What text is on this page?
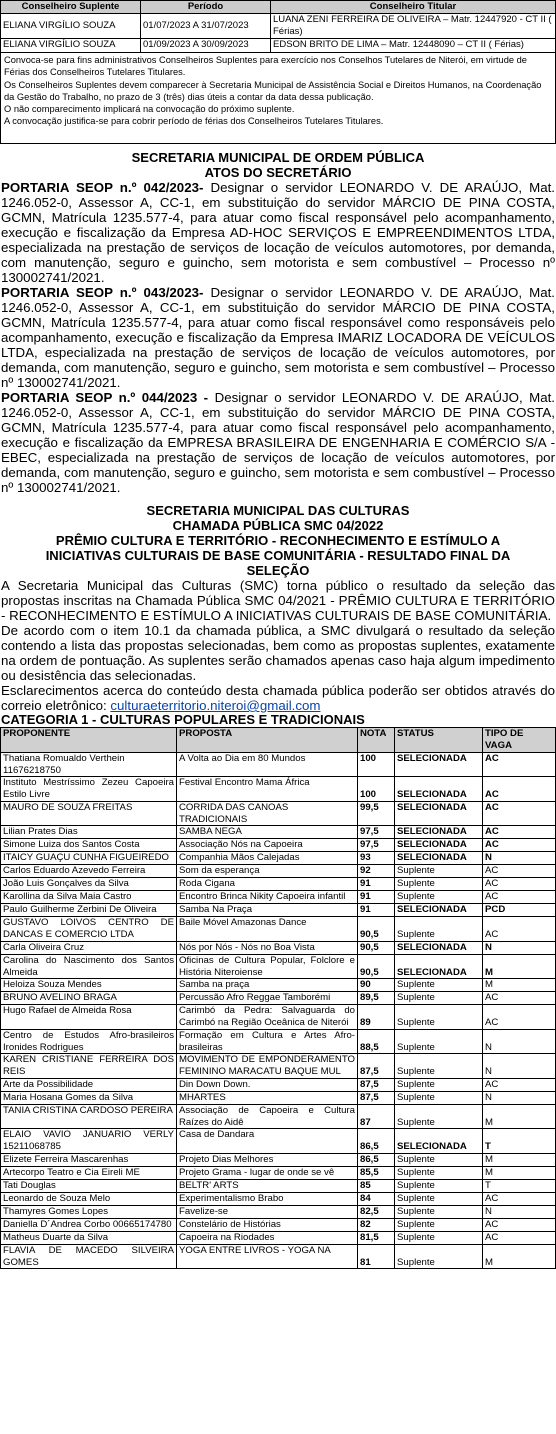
Conselheiro Suplente	Período	Conselheiro Titular
ELIANA VIRGÍLIO SOUZA	01/07/2023 A 31/07/2023	LUANA ZENI FERREIRA DE OLIVEIRA – Matr. 12447920 - CT II ( Férias)
ELIANA VIRGÍLIO SOUZA	01/09/2023 A 30/09/2023	EDSON BRITO DE LIMA – Matr. 12448090 – CT II ( Férias)
Convoca-se para fins administrativos Conselheiros Suplentes para exercício nos Conselhos Tutelares de Niterói, em virtude de Férias dos Conselheiros Tutelares Titulares.
Os Conselheiros Suplentes devem comparecer à Secretaria Municipal de Assistência Social e Direitos Humanos, na Coordenação da Gestão do Trabalho, no prazo de 3 (três) dias úteis a contar da data dessa publicação.
O não comparecimento implicará na convocação do próximo suplente.
A convocação justifica-se para cobrir período de férias dos Conselheiros Tutelares Titulares.
SECRETARIA MUNICIPAL DE ORDEM PÚBLICA
ATOS DO SECRETÁRIO
PORTARIA SEOP n.º 042/2023- Designar o servidor LEONARDO V. DE ARAÚJO, Mat. 1246.052-0, Assessor A, CC-1, em substituição do servidor MÁRCIO DE PINA COSTA, GCMN, Matrícula 1235.577-4, para atuar como fiscal responsável pelo acompanhamento, execução e fiscalização da Empresa AD-HOC SERVIÇOS E EMPREENDIMENTOS LTDA, especializada na prestação de serviços de locação de veículos automotores, por demanda, com manutenção, seguro e guincho, sem motorista e sem combustível – Processo nº 130002741/2021.
PORTARIA SEOP n.º 043/2023- Designar o servidor LEONARDO V. DE ARAÚJO, Mat. 1246.052-0, Assessor A, CC-1, em substituição do servidor MÁRCIO DE PINA COSTA, GCMN, Matrícula 1235.577-4, para atuar como fiscal responsável como responsáveis pelo acompanhamento, execução e fiscalização da Empresa IMARIZ LOCADORA DE VEÍCULOS LTDA, especializada na prestação de serviços de locação de veículos automotores, por demanda, com manutenção, seguro e guincho, sem motorista e sem combustível – Processo nº 130002741/2021.
PORTARIA SEOP n.º 044/2023 - Designar o servidor LEONARDO V. DE ARAÚJO, Mat. 1246.052-0, Assessor A, CC-1, em substituição do servidor MÁRCIO DE PINA COSTA, GCMN, Matrícula 1235.577-4, para atuar como fiscal responsável pelo acompanhamento, execução e fiscalização da EMPRESA BRASILEIRA DE ENGENHARIA E COMÉRCIO S/A - EBEC, especializada na prestação de serviços de locação de veículos automotores, por demanda, com manutenção, seguro e guincho, sem motorista e sem combustível – Processo nº 130002741/2021.
SECRETARIA MUNICIPAL DAS CULTURAS
CHAMADA PÚBLICA SMC 04/2022
PRÊMIO CULTURA E TERRITÓRIO - RECONHECIMENTO E ESTÍMULO A INICIATIVAS CULTURAIS DE BASE COMUNITÁRIA - RESULTADO FINAL DA SELEÇÃO
A Secretaria Municipal das Culturas (SMC) torna público o resultado da seleção das propostas inscritas na Chamada Pública SMC 04/2021 - PRÊMIO CULTURA E TERRITÓRIO - RECONHECIMENTO E ESTÍMULO A INICIATIVAS CULTURAIS DE BASE COMUNITÁRIA.
De acordo com o item 10.1 da chamada pública, a SMC divulgará o resultado da seleção contendo a lista das propostas selecionadas, bem como as propostas suplentes, exatamente na ordem de pontuação. As suplentes serão chamados apenas caso haja algum impedimento ou desistência das selecionadas.
Esclarecimentos acerca do conteúdo desta chamada pública poderão ser obtidos através do correio eletrônico: culturaeterritorio.niteroi@gmail.com
CATEGORIA 1 - CULTURAS POPULARES E TRADICIONAIS
PROPONENTE	PROPOSTA	NOTA	STATUS	TIPO DE VAGA
Thatiana Romualdo Verthein 11676218750	A Volta ao Dia em 80 Mundos	100	SELECIONADA	AC
Instituto Mestríssimo Zezeu Capoeira Estilo Livre	Festival Encontro Mama África	100	SELECIONADA	AC
MAURO DE SOUZA FREITAS	CORRIDA DAS CANOAS TRADICIONAIS	99,5	SELECIONADA	AC
Lilian Prates Dias	SAMBA NEGA	97,5	SELECIONADA	AC
Simone Luiza dos Santos Costa	Associação Nós na Capoeira	97,5	SELECIONADA	AC
ITAICY GUAÇU CUNHA FIGUEIREDO	Companhia Mãos Calejadas	93	SELECIONADA	N
Carlos Eduardo Azevedo Ferreira	Som da esperança	92	Suplente	AC
João Luis Gonçalves da Silva	Roda Cigana	91	Suplente	AC
Karollina da Silva Maia Castro	Encontro Brinca Nikity Capoeira infantil	91	Suplente	AC
Paulo Guilherme Zerbini De Oliveira	Samba Na Praça	91	SELECIONADA	PCD
GUSTAVO LOIVOS CENTRO DE DANCAS E COMERCIO LTDA	Baile Móvel Amazonas Dance	90,5	Suplente	AC
Carla Oliveira Cruz	Nós por Nós - Nós no Boa Vista	90,5	SELECIONADA	N
Carolina do Nascimento dos Santos Almeida	Oficinas de Cultura Popular, Folclore e História Niteroiense	90,5	SELECIONADA	M
Heloiza Souza Mendes	Samba na praça	90	Suplente	M
BRUNO AVELINO BRAGA	Percussão Afro Reggae Tamborémi	89,5	Suplente	AC
Hugo Rafael de Almeida Rosa	Carimbó da Pedra: Salvaguarda do Carimbó na Região Oceânica de Niterói	89	Suplente	AC
Centro de Estudos Afro-brasileiros Ironides Rodrigues	Formação em Cultura e Artes Afro-brasileiras	88,5	Suplente	N
KAREN CRISTIANE FERREIRA DOS REIS	MOVIMENTO DE EMPONDERAMENTO FEMININO MARACATU BAQUE MUL	87,5	Suplente	N
Arte da Possibilidade	Din Down Down.	87,5	Suplente	AC
Maria Hosana Gomes da Silva	MHARTES	87,5	Suplente	N
TANIA CRISTINA CARDOSO PEREIRA	Associação de Capoeira e Cultura Raízes do Aidê	87	Suplente	M
ELAIO VAVIO JANUARIO VERLY 15211068785	Casa de Dandara	86,5	SELECIONADA	T
Elizete Ferreira Mascarenhas	Projeto Dias Melhores	86,5	Suplente	M
Artecorpo Teatro e Cia Eireli ME	Projeto Grama - lugar de onde se vê	85,5	Suplente	M
Tati Douglas	BELTR' ARTS	85	Suplente	T
Leonardo de Souza Melo	Experimentalismo Brabo	84	Suplente	AC
Thamyres Gomes Lopes	Favelize-se	82,5	Suplente	N
Daniella D´Andrea Corbo 00665174780	Constelário de Histórias	82	Suplente	AC
Matheus Duarte da Silva	Capoeira na Riodades	81,5	Suplente	AC
FLAVIA DE MACEDO SILVEIRA GOMES	YOGA ENTRE LIVROS - YOGA NA	81	Suplente	M
